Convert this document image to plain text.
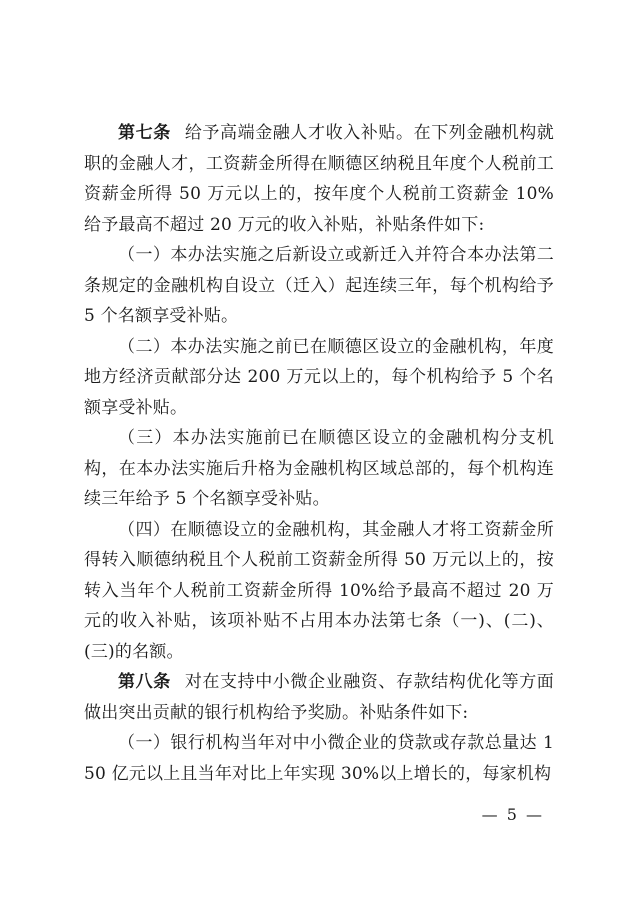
第七条 给予高端金融人才收入补贴。在下列金融机构就职的金融人才，工资薪金所得在顺德区纳税且年度个人税前工资薪金所得 50 万元以上的，按年度个人税前工资薪金 10%给予最高不超过 20 万元的收入补贴，补贴条件如下:

（一）本办法实施之后新设立或新迁入并符合本办法第二条规定的金融机构自设立（迁入）起连续三年，每个机构给予 5 个名额享受补贴。

（二）本办法实施之前已在顺德区设立的金融机构，年度地方经济贡献部分达 200 万元以上的，每个机构给予 5 个名额享受补贴。

（三）本办法实施前已在顺德区设立的金融机构分支机构，在本办法实施后升格为金融机构区域总部的，每个机构连续三年给予 5 个名额享受补贴。

（四）在顺德设立的金融机构，其金融人才将工资薪金所得转入顺德纳税且个人税前工资薪金所得 50 万元以上的，按转入当年个人税前工资薪金所得 10%给予最高不超过 20 万元的收入补贴，该项补贴不占用本办法第七条（一)、(二)、(三)的名额。

第八条 对在支持中小微企业融资、存款结构优化等方面做出突出贡献的银行机构给予奖励。补贴条件如下:

（一）银行机构当年对中小微企业的贷款或存款总量达 150 亿元以上且当年对比上年实现 30%以上增长的，每家机构

— 5 —
